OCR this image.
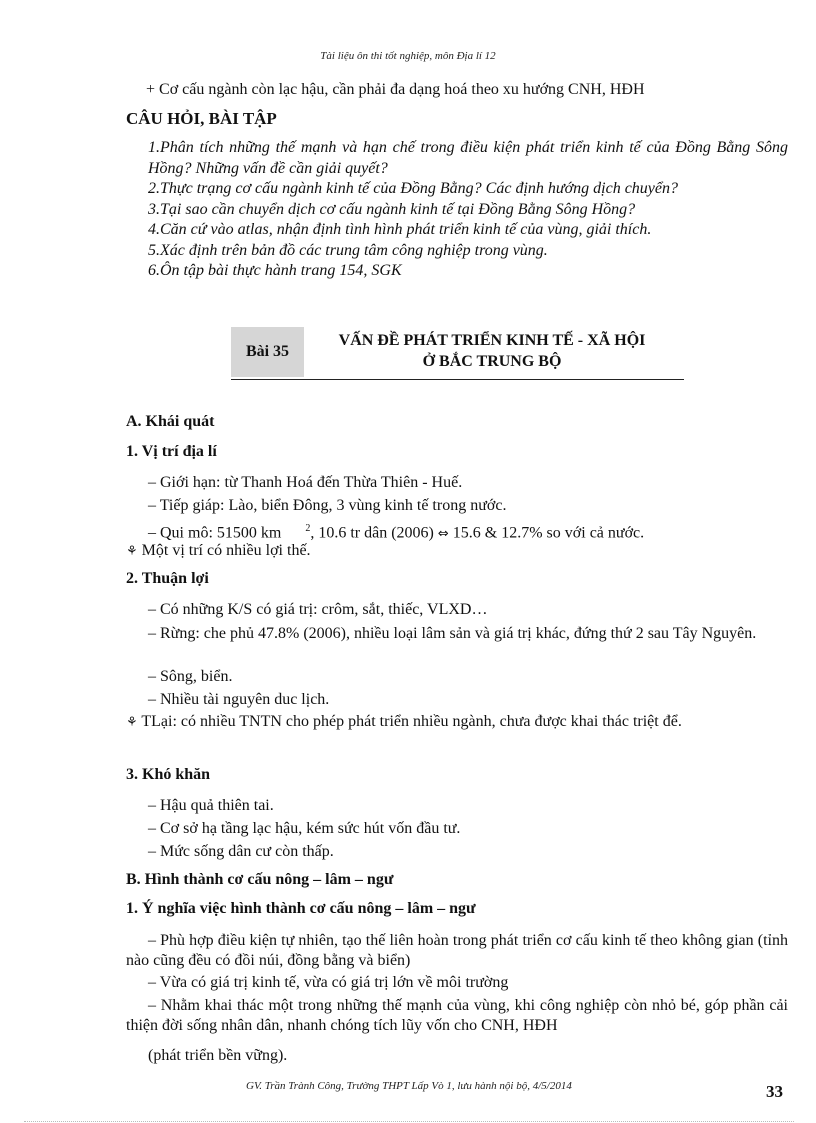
Tài liệu ôn thi tốt nghiệp, môn Địa lí 12
+ Cơ cấu ngành còn lạc hậu, cần phải đa dạng hoá theo xu hướng CNH, HĐH
CÂU HỎI, BÀI TẬP
1.Phân tích những thế mạnh và hạn chế trong điều kiện phát triển kinh tế của Đồng Bằng Sông Hồng? Những vấn đề cần giải quyết?
2.Thực trạng cơ cấu ngành kinh tế của Đồng Bằng? Các định hướng dịch chuyển?
3.Tại sao cần chuyển dịch cơ cấu ngành kinh tế tại Đồng Bằng Sông Hồng?
4.Căn cứ vào atlas, nhận định tình hình phát triển kinh tế của vùng, giải thích.
5.Xác định trên bản đồ các trung tâm công nghiệp trong vùng.
6.Ôn tập bài thực hành trang 154, SGK
Bài 35
VẤN ĐỀ PHÁT TRIỂN KINH TẾ - XÃ HỘI
Ở BẮC TRUNG BỘ
A. Khái quát
1. Vị trí địa lí
– Giới hạn: từ Thanh Hoá đến Thừa Thiên - Huế.
– Tiếp giáp: Lào, biển Đông, 3 vùng kinh tế trong nước.
– Qui mô: 51500 km $^2$, 10.6 tr dân (2006) ⇔ 15.6 & 12.7% so với cả nước.
⚘ Một vị trí có nhiều lợi thế.
2. Thuận lợi
– Có những K/S có giá trị: crôm, sắt, thiếc, VLXD…
– Rừng: che phủ 47.8% (2006), nhiều loại lâm sản và giá trị khác, đứng thứ 2 sau Tây Nguyên.
– Sông, biển.
– Nhiều tài nguyên duc lịch.
⚘ TLại: có nhiều TNTN cho phép phát triển nhiều ngành, chưa được khai thác triệt để.
3. Khó khăn
– Hậu quả thiên tai.
– Cơ sở hạ tầng lạc hậu, kém sức hút vốn đầu tư.
– Mức sống dân cư còn thấp.
B. Hình thành cơ cấu nông – lâm – ngư
1. Ý nghĩa việc hình thành cơ cấu nông – lâm – ngư
– Phù hợp điều kiện tự nhiên, tạo thế liên hoàn trong phát triển cơ cấu kinh tế theo không gian (tỉnh nào cũng đều có đồi núi, đồng bằng và biển)
– Vừa có giá trị kinh tế, vừa có giá trị lớn về môi trường
– Nhằm khai thác một trong những thế mạnh của vùng, khi công nghiệp còn nhỏ bé, góp phần cải thiện đời sống nhân dân, nhanh chóng tích lũy vốn cho CNH, HĐH
(phát triển bền vững).
GV. Trần Trành Công, Trường THPT Lấp Vò 1, lưu hành nội bộ, 4/5/2014	33
